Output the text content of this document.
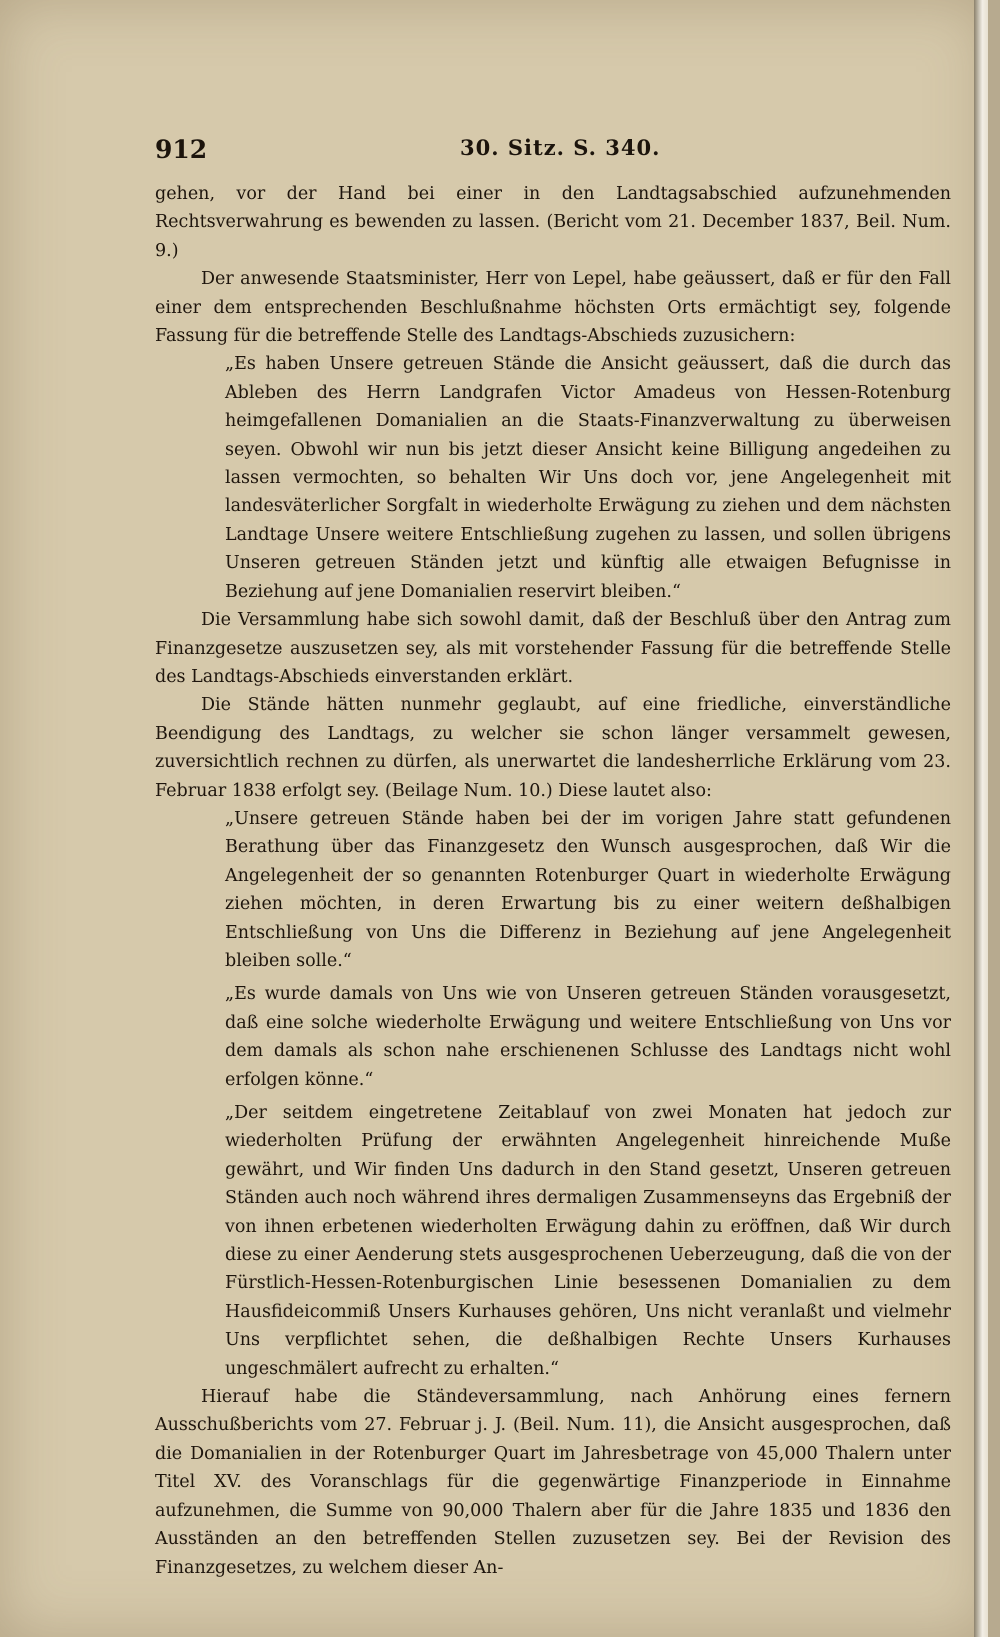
912	30. Sitz. S. 340.

gehen, vor der Hand bei einer in den Landtagsabschied aufzunehmenden Rechtsverwahrung es bewenden zu lassen. (Bericht vom 21. December 1837, Beil. Num. 9.)

Der anwesende Staatsminister, Herr von Lepel, habe geäussert, daß er für den Fall einer dem entsprechenden Beschlußnahme höchsten Orts ermächtigt sey, folgende Fassung für die betreffende Stelle des Landtags-Abschieds zuzusichern:

„Es haben Unsere getreuen Stände die Ansicht geäussert, daß die durch das Ableben des Herrn Landgrafen Victor Amadeus von Hessen-Rotenburg heimgefallenen Domanialien an die Staats-Finanzverwaltung zu überweisen seyen. Obwohl wir nun bis jetzt dieser Ansicht keine Billigung angedeihen zu lassen vermochten, so behalten Wir Uns doch vor, jene Angelegenheit mit landesväterlicher Sorgfalt in wiederholte Erwägung zu ziehen und dem nächsten Landtage Unsere weitere Entschließung zugehen zu lassen, und sollen übrigens Unseren getreuen Ständen jetzt und künftig alle etwaigen Befugnisse in Beziehung auf jene Domanialien reservirt bleiben.“

Die Versammlung habe sich sowohl damit, daß der Beschluß über den Antrag zum Finanzgesetze auszusetzen sey, als mit vorstehender Fassung für die betreffende Stelle des Landtags-Abschieds einverstanden erklärt.

Die Stände hätten nunmehr geglaubt, auf eine friedliche, einverständliche Beendigung des Landtags, zu welcher sie schon länger versammelt gewesen, zuversichtlich rechnen zu dürfen, als unerwartet die landesherrliche Erklärung vom 23. Februar 1838 erfolgt sey. (Beilage Num. 10.) Diese lautet also:

„Unsere getreuen Stände haben bei der im vorigen Jahre statt gefundenen Berathung über das Finanzgesetz den Wunsch ausgesprochen, daß Wir die Angelegenheit der so genannten Rotenburger Quart in wiederholte Erwägung ziehen möchten, in deren Erwartung bis zu einer weitern deßhalbigen Entschließung von Uns die Differenz in Beziehung auf jene Angelegenheit bleiben solle.“

„Es wurde damals von Uns wie von Unseren getreuen Ständen vorausgesetzt, daß eine solche wiederholte Erwägung und weitere Entschließung von Uns vor dem damals als schon nahe erschienenen Schlusse des Landtags nicht wohl erfolgen könne.“

„Der seitdem eingetretene Zeitablauf von zwei Monaten hat jedoch zur wiederholten Prüfung der erwähnten Angelegenheit hinreichende Muße gewährt, und Wir finden Uns dadurch in den Stand gesetzt, Unseren getreuen Ständen auch noch während ihres dermaligen Zusammenseyns das Ergebniß der von ihnen erbetenen wiederholten Erwägung dahin zu eröffnen, daß Wir durch diese zu einer Aenderung stets ausgesprochenen Ueberzeugung, daß die von der Fürstlich-Hessen-Rotenburgischen Linie besessenen Domanialien zu dem Hausfideicommiß Unsers Kurhauses gehören, Uns nicht veranlaßt und vielmehr Uns verpflichtet sehen, die deßhalbigen Rechte Unsers Kurhauses ungeschmälert aufrecht zu erhalten.“

Hierauf habe die Ständeversammlung, nach Anhörung eines fernern Ausschußberichts vom 27. Februar j. J. (Beil. Num. 11), die Ansicht ausgesprochen, daß die Domanialien in der Rotenburger Quart im Jahresbetrage von 45,000 Thalern unter Titel XV. des Voranschlags für die gegenwärtige Finanzperiode in Einnahme aufzunehmen, die Summe von 90,000 Thalern aber für die Jahre 1835 und 1836 den Ausständen an den betreffenden Stellen zuzusetzen sey. Bei der Revision des Finanzgesetzes, zu welchem dieser An-
